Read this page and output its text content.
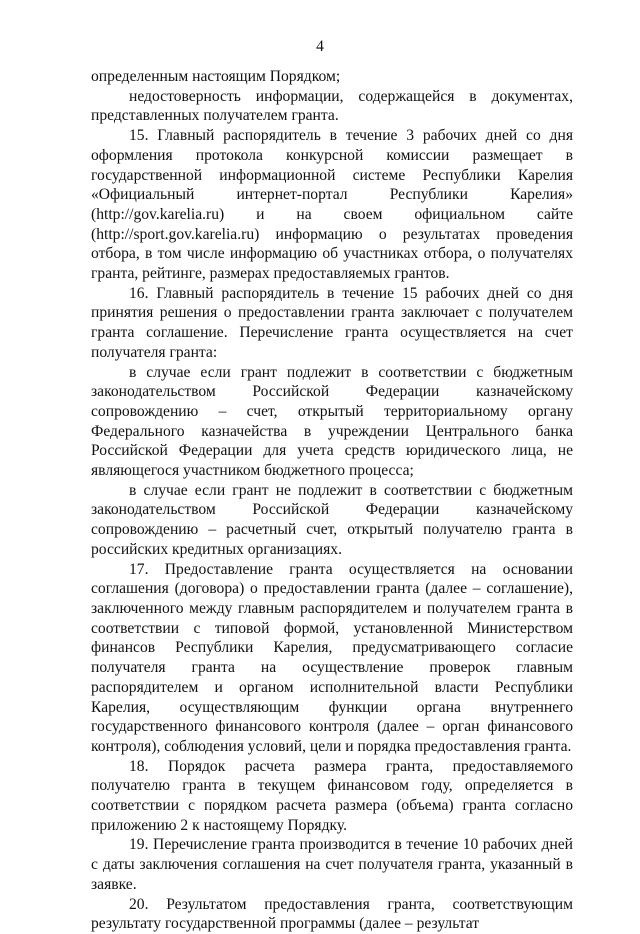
4

определенным настоящим Порядком;

недостоверность информации, содержащейся в документах, представленных получателем гранта.

15. Главный распорядитель в течение 3 рабочих дней со дня оформления протокола конкурсной комиссии размещает в государственной информационной системе Республики Карелия «Официальный интернет-портал Республики Карелия» (http://gov.karelia.ru) и на своем официальном сайте (http://sport.gov.karelia.ru) информацию о результатах проведения отбора, в том числе информацию об участниках отбора, о получателях гранта, рейтинге, размерах предоставляемых грантов.

16. Главный распорядитель в течение 15 рабочих дней со дня принятия решения о предоставлении гранта заключает с получателем гранта соглашение. Перечисление гранта осуществляется на счет получателя гранта:

в случае если грант подлежит в соответствии с бюджетным законодательством Российской Федерации казначейскому сопровождению – счет, открытый территориальному органу Федерального казначейства в учреждении Центрального банка Российской Федерации для учета средств юридического лица, не являющегося участником бюджетного процесса;

в случае если грант не подлежит в соответствии с бюджетным законодательством Российской Федерации казначейскому сопровождению – расчетный счет, открытый получателю гранта в российских кредитных организациях.

17. Предоставление гранта осуществляется на основании соглашения (договора) о предоставлении гранта (далее – соглашение), заключенного между главным распорядителем и получателем гранта в соответствии с типовой формой, установленной Министерством финансов Республики Карелия, предусматривающего согласие получателя гранта на осуществление проверок главным распорядителем и органом исполнительной власти Республики Карелия, осуществляющим функции органа внутреннего государственного финансового контроля (далее – орган финансового контроля), соблюдения условий, цели и порядка предоставления гранта.

18. Порядок расчета размера гранта, предоставляемого получателю гранта в текущем финансовом году, определяется в соответствии с порядком расчета размера (объема) гранта согласно приложению 2 к настоящему Порядку.

19. Перечисление гранта производится в течение 10 рабочих дней с даты заключения соглашения на счет получателя гранта, указанный в заявке.

20. Результатом предоставления гранта, соответствующим результату государственной программы (далее – результат
